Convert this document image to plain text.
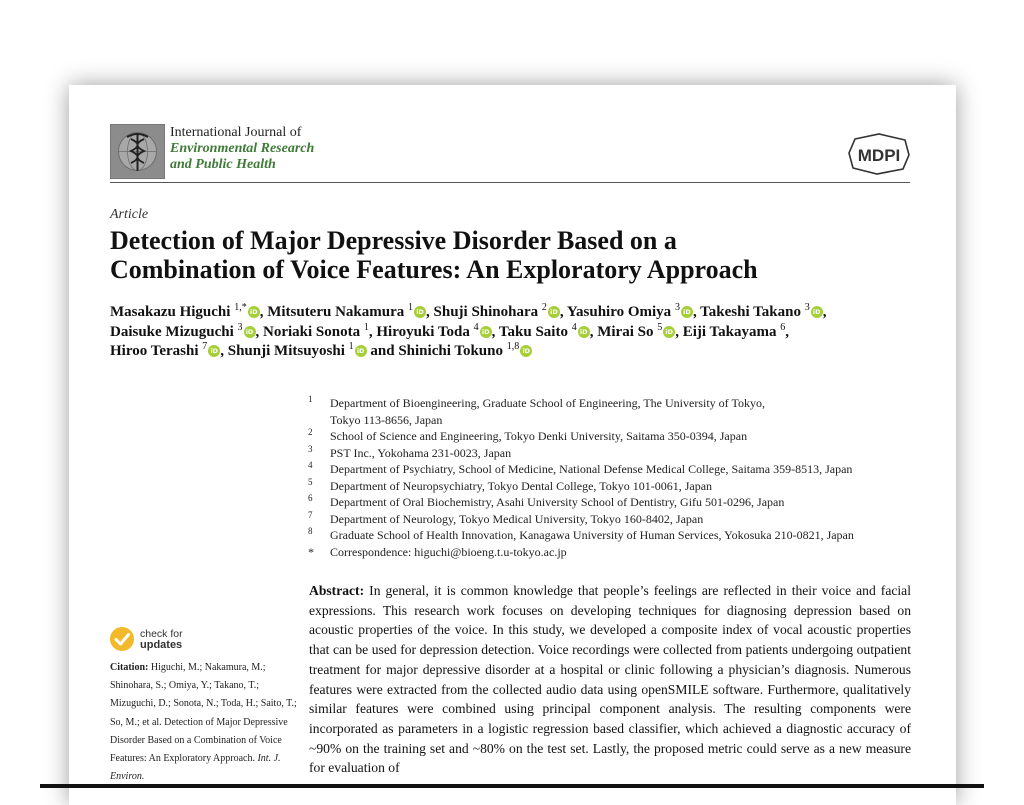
International Journal of
Environmental Research
and Public Health	MDPI
Article
Detection of Major Depressive Disorder Based on a
Combination of Voice Features: An Exploratory Approach
Masakazu Higuchi $^{1,*}$ iD , Mitsuteru Nakamura $^1$ iD , Shuji Shinohara $^2$ iD , Yasuhiro Omiya $^3$ iD , Takeshi Takano $^3$ iD ,
Daisuke Mizuguchi $^3$ iD , Noriaki Sonota $^1$, Hiroyuki Toda $^4$ iD , Taku Saito $^4$ iD , Mirai So $^5$ iD , Eiji Takayama $^6$,
Hiroo Terashi $^7$ iD , Shunji Mitsuyoshi $^1$ iD and Shinichi Tokuno $^{1,8}$ iD
1 Department of Bioengineering, Graduate School of Engineering, The University of Tokyo,
Tokyo 113-8656, Japan
2 School of Science and Engineering, Tokyo Denki University, Saitama 350-0394, Japan
3 PST Inc., Yokohama 231-0023, Japan
4 Department of Psychiatry, School of Medicine, National Defense Medical College, Saitama 359-8513, Japan
5 Department of Neuropsychiatry, Tokyo Dental College, Tokyo 101-0061, Japan
6 Department of Oral Biochemistry, Asahi University School of Dentistry, Gifu 501-0296, Japan
7 Department of Neurology, Tokyo Medical University, Tokyo 160-8402, Japan
8 Graduate School of Health Innovation, Kanagawa University of Human Services, Yokosuka 210-0821, Japan
* Correspondence: higuchi@bioeng.t.u-tokyo.ac.jp
check for
updates
Citation: Higuchi, M.; Nakamura, M.; Shinohara, S.; Omiya, Y.; Takano, T.; Mizuguchi, D.; Sonota, N.; Toda, H.; Saito, T.; So, M.; et al. Detection of Major Depressive Disorder Based on a Combination of Voice Features: An Exploratory Approach. Int. J. Environ.
Abstract: In general, it is common knowledge that people’s feelings are reflected in their voice and facial expressions. This research work focuses on developing techniques for diagnosing depression based on acoustic properties of the voice. In this study, we developed a composite index of vocal acoustic properties that can be used for depression detection. Voice recordings were collected from patients undergoing outpatient treatment for major depressive disorder at a hospital or clinic following a physician’s diagnosis. Numerous features were extracted from the collected audio data using openSMILE software. Furthermore, qualitatively similar features were combined using principal component analysis. The resulting components were incorporated as parameters in a logistic regression based classifier, which achieved a diagnostic accuracy of ~90% on the training set and ~80% on the test set. Lastly, the proposed metric could serve as a new measure for evaluation of
